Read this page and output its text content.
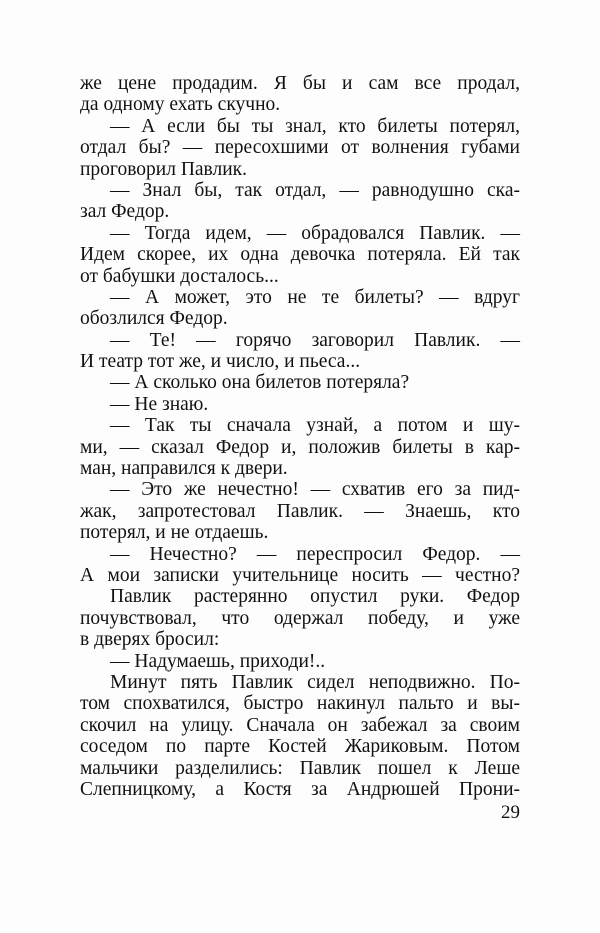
же цене продадим. Я бы и сам все продал,
да одному ехать скучно.
— А если бы ты знал, кто билеты потерял,
отдал бы? — пересохшими от волнения губами
проговорил Павлик.
— Знал бы, так отдал, — равнодушно ска-
зал Федор.
— Тогда идем, — обрадовался Павлик. —
Идем скорее, их одна девочка потеряла. Ей так
от бабушки досталось...
— А может, это не те билеты? — вдруг
обозлился Федор.
— Те! — горячо заговорил Павлик. —
И театр тот же, и число, и пьеса...
— А сколько она билетов потеряла?
— Не знаю.
— Так ты сначала узнай, а потом и шу-
ми, — сказал Федор и, положив билеты в кар-
ман, направился к двери.
— Это же нечестно! — схватив его за пид-
жак, запротестовал Павлик. — Знаешь, кто
потерял, и не отдаешь.
— Нечестно? — переспросил Федор. —
А мои записки учительнице носить — честно?
Павлик растерянно опустил руки. Федор
почувствовал, что одержал победу, и уже
в дверях бросил:
— Надумаешь, приходи!..
Минут пять Павлик сидел неподвижно. По-
том спохватился, быстро накинул пальто и вы-
скочил на улицу. Сначала он забежал за своим
соседом по парте Костей Жариковым. Потом
мальчики разделились: Павлик пошел к Леше
Слепницкому, а Костя за Андрюшей Прони-
29
